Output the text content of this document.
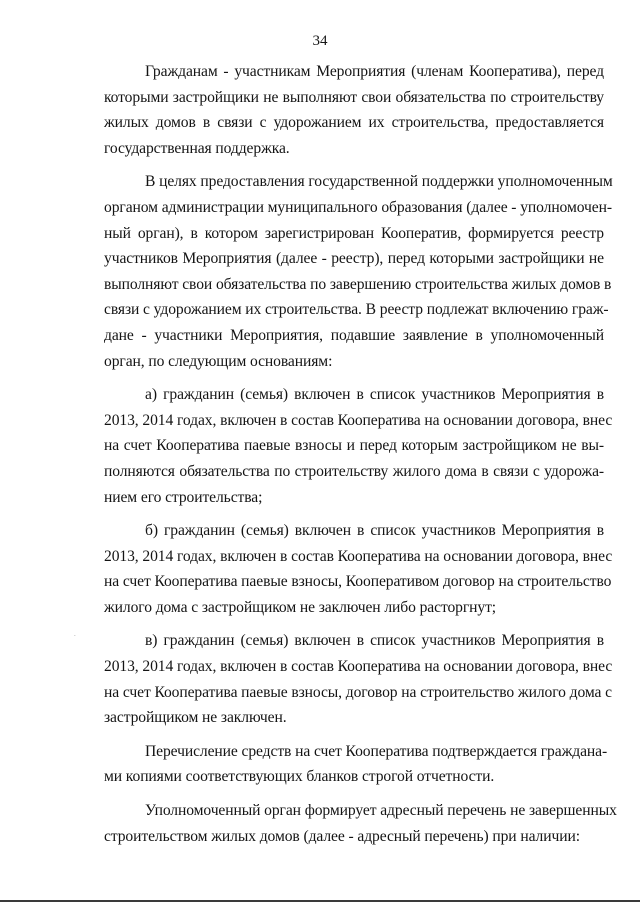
34

Гражданам - участникам Мероприятия (членам Кооператива), перед
которыми застройщики не выполняют свои обязательства по строительству
жилых домов в связи с удорожанием их строительства, предоставляется
государственная поддержка.

В целях предоставления государственной поддержки уполномоченным
органом администрации муниципального образования (далее - уполномочен-
ный орган), в котором зарегистрирован Кооператив, формируется реестр
участников Мероприятия (далее - реестр), перед которыми застройщики не
выполняют свои обязательства по завершению строительства жилых домов в
связи с удорожанием их строительства. В реестр подлежат включению граж-
дане - участники Мероприятия, подавшие заявление в уполномоченный
орган, по следующим основаниям:

а) гражданин (семья) включен в список участников Мероприятия в
2013, 2014 годах, включен в состав Кооператива на основании договора, внес
на счет Кооператива паевые взносы и перед которым застройщиком не вы-
полняются обязательства по строительству жилого дома в связи с удорожа-
нием его строительства;

б) гражданин (семья) включен в список участников Мероприятия в
2013, 2014 годах, включен в состав Кооператива на основании договора, внес
на счет Кооператива паевые взносы, Кооперативом договор на строительство
жилого дома с застройщиком не заключен либо расторгнут;

в) гражданин (семья) включен в список участников Мероприятия в
2013, 2014 годах, включен в состав Кооператива на основании договора, внес
на счет Кооператива паевые взносы, договор на строительство жилого дома с
застройщиком не заключен.

Перечисление средств на счет Кооператива подтверждается граждана-
ми копиями соответствующих бланков строгой отчетности.

Уполномоченный орган формирует адресный перечень не завершенных
строительством жилых домов (далее - адресный перечень) при наличии:

.
